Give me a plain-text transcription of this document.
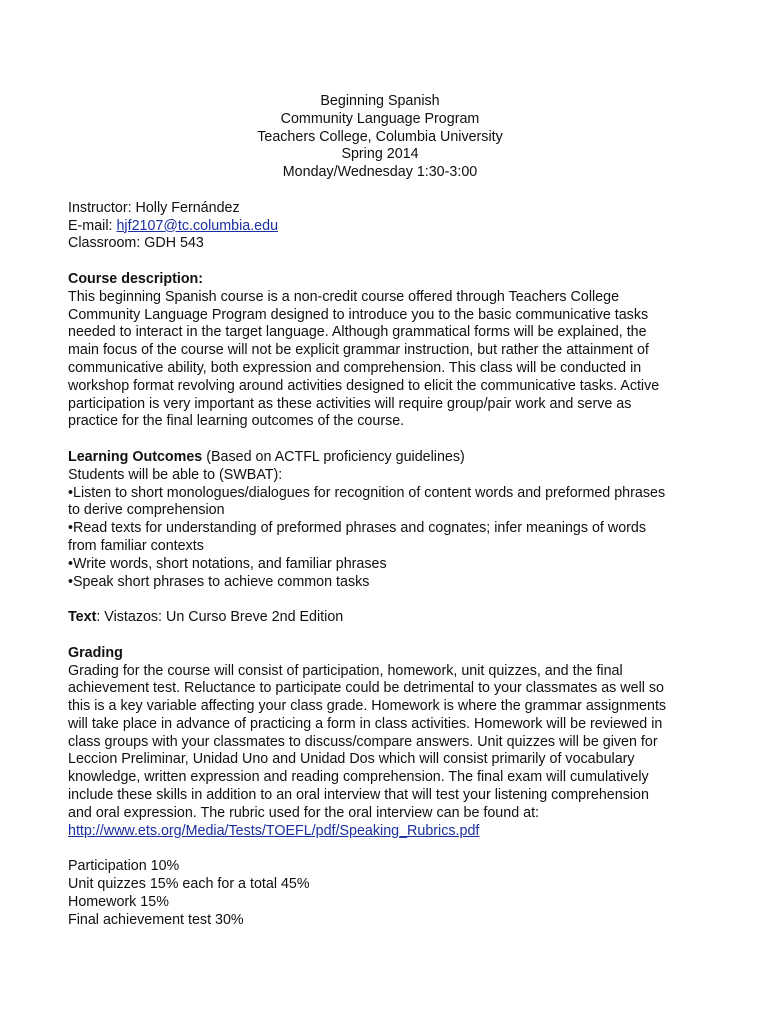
Beginning Spanish
Community Language Program
Teachers College, Columbia University
Spring 2014
Monday/Wednesday 1:30-3:00
Instructor: Holly Fernández
E-mail: hjf2107@tc.columbia.edu
Classroom: GDH 543
Course description:
This beginning Spanish course is a non-credit course offered through Teachers College
Community Language Program designed to introduce you to the basic communicative tasks
needed to interact in the target language. Although grammatical forms will be explained, the
main focus of the course will not be explicit grammar instruction, but rather the attainment of
communicative ability, both expression and comprehension. This class will be conducted in
workshop format revolving around activities designed to elicit the communicative tasks. Active
participation is very important as these activities will require group/pair work and serve as
practice for the final learning outcomes of the course.
Learning Outcomes (Based on ACTFL proficiency guidelines)
Students will be able to (SWBAT):
•Listen to short monologues/dialogues for recognition of content words and preformed phrases
to derive comprehension
•Read texts for understanding of preformed phrases and cognates; infer meanings of words
from familiar contexts
•Write words, short notations, and familiar phrases
•Speak short phrases to achieve common tasks
Text: Vistazos: Un Curso Breve 2nd Edition
Grading
Grading for the course will consist of participation, homework, unit quizzes, and the final
achievement test. Reluctance to participate could be detrimental to your classmates as well so
this is a key variable affecting your class grade. Homework is where the grammar assignments
will take place in advance of practicing a form in class activities. Homework will be reviewed in
class groups with your classmates to discuss/compare answers. Unit quizzes will be given for
Leccion Preliminar, Unidad Uno and Unidad Dos which will consist primarily of vocabulary
knowledge, written expression and reading comprehension. The final exam will cumulatively
include these skills in addition to an oral interview that will test your listening comprehension
and oral expression. The rubric used for the oral interview can be found at:
http://www.ets.org/Media/Tests/TOEFL/pdf/Speaking_Rubrics.pdf
Participation 10%
Unit quizzes 15% each for a total 45%
Homework 15%
Final achievement test 30%
